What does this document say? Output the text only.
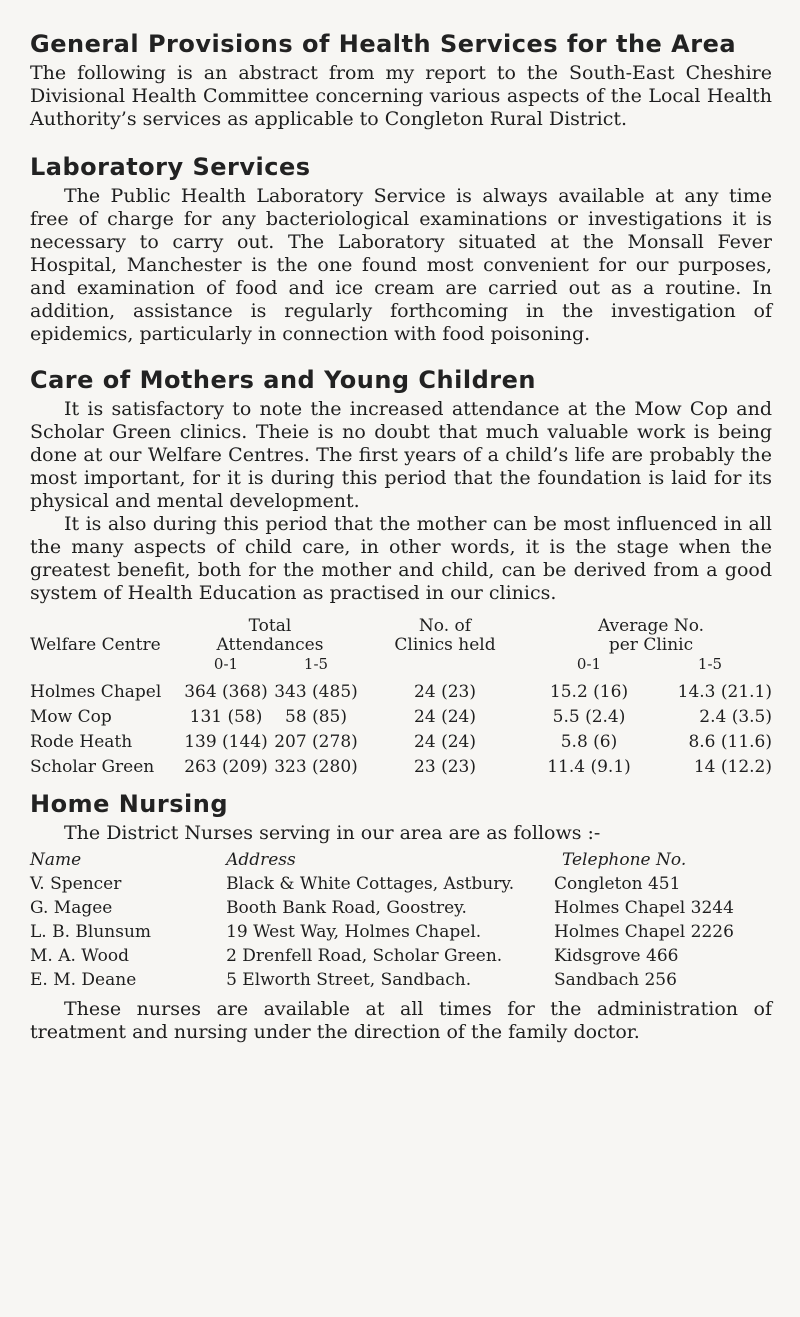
General Provisions of Health Services for the Area

The following is an abstract from my report to the South-East Cheshire Divisional Health Committee concerning various aspects of the Local Health Authority’s services as applicable to Congleton Rural District.

Laboratory Services

The Public Health Laboratory Service is always available at any time free of charge for any bacteriological examinations or investigations it is necessary to carry out. The Laboratory situated at the Monsall Fever Hospital, Manchester is the one found most convenient for our purposes, and examination of food and ice cream are carried out as a routine. In addition, assistance is regularly forthcoming in the investigation of epidemics, particularly in connection with food poisoning.

Care of Mothers and Young Children

It is satisfactory to note the increased attendance at the Mow Cop and Scholar Green clinics. Theie is no doubt that much valuable work is being done at our Welfare Centres. The first years of a child’s life are probably the most important, for it is during this period that the foundation is laid for its physical and mental development.

It is also during this period that the mother can be most influenced in all the many aspects of child care, in other words, it is the stage when the greatest benefit, both for the mother and child, can be derived from a good system of Health Education as practised in our clinics.

	Total		No. of	Average No.	
Welfare Centre	Attendances		Clinics held	per Clinic	
	0-1	1-5		0-1	1-5
Holmes Chapel	364 (368)	343 (485)	24 (23)	15.2 (16)	14.3 (21.1)
Mow Cop	131 (58)	58 (85)	24 (24)	5.5 (2.4)	2.4 (3.5)
Rode Heath	139 (144)	207 (278)	24 (24)	5.8 (6)	8.6 (11.6)
Scholar Green	263 (209)	323 (280)	23 (23)	11.4 (9.1)	14 (12.2)
Home Nursing

The District Nurses serving in our area are as follows :-

Name	Address	Telephone No.
V. Spencer	Black & White Cottages, Astbury.	Congleton 451
G. Magee	Booth Bank Road, Goostrey.	Holmes Chapel 3244
L. B. Blunsum	19 West Way, Holmes Chapel.	Holmes Chapel 2226
M. A. Wood	2 Drenfell Road, Scholar Green.	Kidsgrove 466
E. M. Deane	5 Elworth Street, Sandbach.	Sandbach 256

These nurses are available at all times for the administration of treatment and nursing under the direction of the family doctor.
